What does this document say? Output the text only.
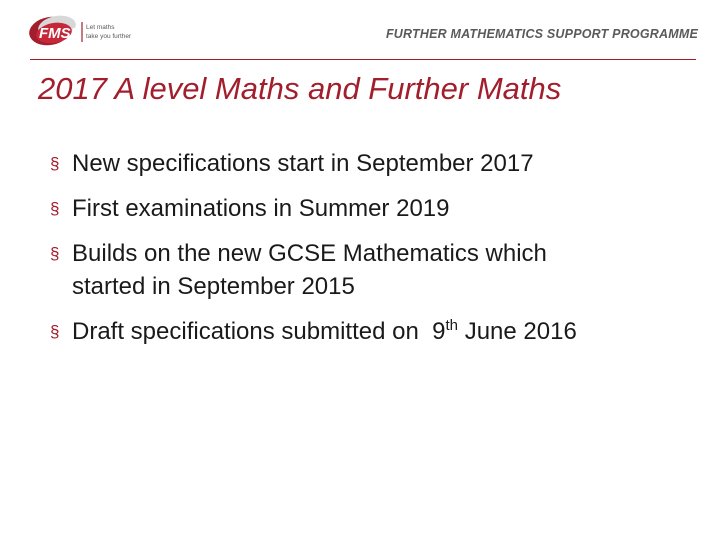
FMSP Let maths
take you further	FURTHER MATHEMATICS SUPPORT PROGRAMME
2017 A level Maths and Further Maths
§ New specifications start in September 2017
§ First examinations in Summer 2019
§ Builds on the new GCSE Mathematics which
started in September 2015
§ Draft specifications submitted on  9th June 2016
